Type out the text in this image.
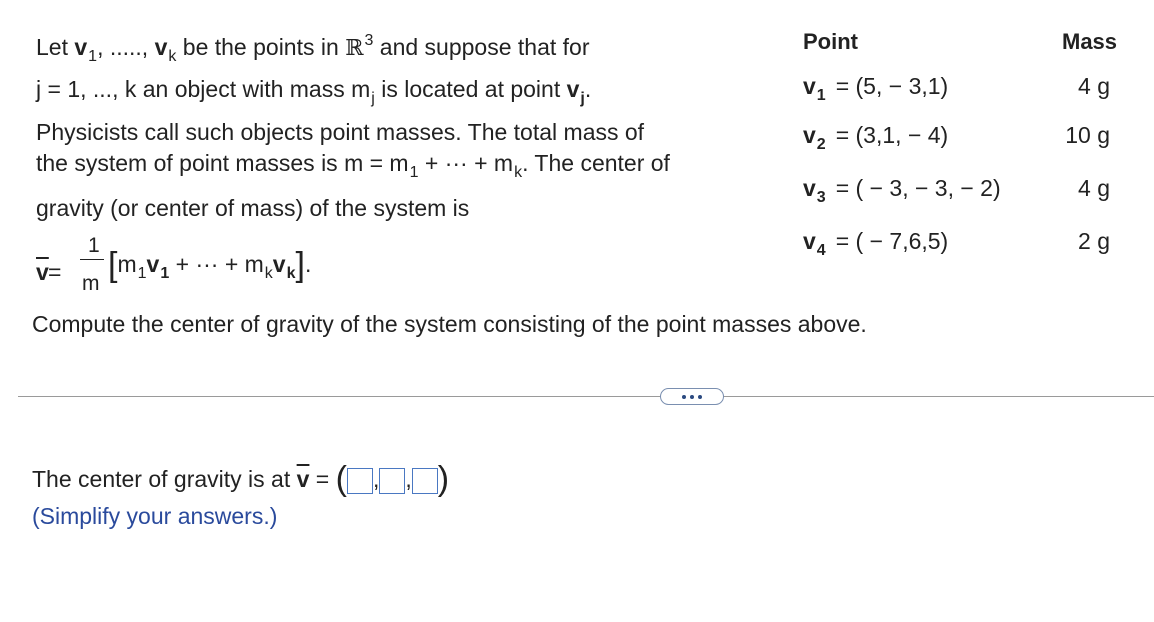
Let $v_1$, ....., $v_k$ be the points in ℝ$^3$ and suppose that for
j = 1, ..., k an object with mass $m_j$ is located at point $v_j$.
Physicists call such objects point masses. The total mass of
the system of point masses is $m = m_1$ + ··· + $m_k$. The center of
gravity (or center of mass) of the system is
$\overline{v}$ =
1
m [$m_1v_1$ + ··· + $m_kv_k$].
Compute the center of gravity of the system consisting of the point masses above.
Point	Mass
$v_1 = (5$, − 3,1)	4 g
$v_2 = (3,1$, − 4)	10 g
$v_3$ = ( − 3, − 3, − 2)	4 g
$v_4$ = ( − 7,6,5)	2 g
The center of gravity is at $\overline{v}$ = ( , , )
(Simplify your answers.)
